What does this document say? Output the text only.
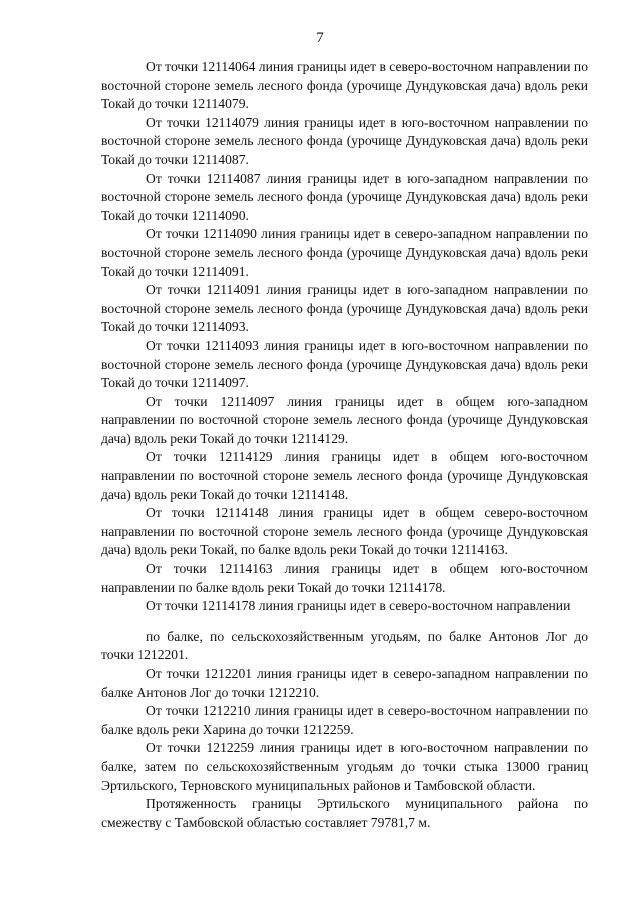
7

От точки 12114064 линия границы идет в северо-восточном направлении по восточной стороне земель лесного фонда (урочище Дундуковская дача) вдоль реки Токай до точки 12114079.

От точки 12114079 линия границы идет в юго-восточном направлении по восточной стороне земель лесного фонда (урочище Дундуковская дача) вдоль реки Токай до точки 12114087.

От точки 12114087 линия границы идет в юго-западном направлении по восточной стороне земель лесного фонда (урочище Дундуковская дача) вдоль реки Токай до точки 12114090.

От точки 12114090 линия границы идет в северо-западном направлении по восточной стороне земель лесного фонда (урочище Дундуковская дача) вдоль реки Токай до точки 12114091.

От точки 12114091 линия границы идет в юго-западном направлении по восточной стороне земель лесного фонда (урочище Дундуковская дача) вдоль реки Токай до точки 12114093.

От точки 12114093 линия границы идет в юго-восточном направлении по восточной стороне земель лесного фонда (урочище Дундуковская дача) вдоль реки Токай до точки 12114097.

От точки 12114097 линия границы идет в общем юго-западном направлении по восточной стороне земель лесного фонда (урочище Дундуковская дача) вдоль реки Токай до точки 12114129.

От точки 12114129 линия границы идет в общем юго-восточном направлении по восточной стороне земель лесного фонда (урочище Дундуковская дача) вдоль реки Токай до точки 12114148.

От точки 12114148 линия границы идет в общем северо-восточном направлении по восточной стороне земель лесного фонда (урочище Дундуковская дача) вдоль реки Токай, по балке вдоль реки Токай до точки 12114163.

От точки 12114163 линия границы идет в общем юго-восточном направлении по балке вдоль реки Токай до точки 12114178.

От точки 12114178 линия границы идет в северо-восточном направлении

по балке, по сельскохозяйственным угодьям, по балке Антонов Лог до точки 1212201.

От точки 1212201 линия границы идет в северо-западном направлении по балке Антонов Лог до точки 1212210.

От точки 1212210 линия границы идет в северо-восточном направлении по балке вдоль реки Харина до точки 1212259.

От точки 1212259 линия границы идет в юго-восточном направлении по балке, затем по сельскохозяйственным угодьям до точки стыка 13000 границ Эртильского, Терновского муниципальных районов и Тамбовской области.

Протяженность границы Эртильского муниципального района по смежеству с Тамбовской областью составляет 79781,7 м.
